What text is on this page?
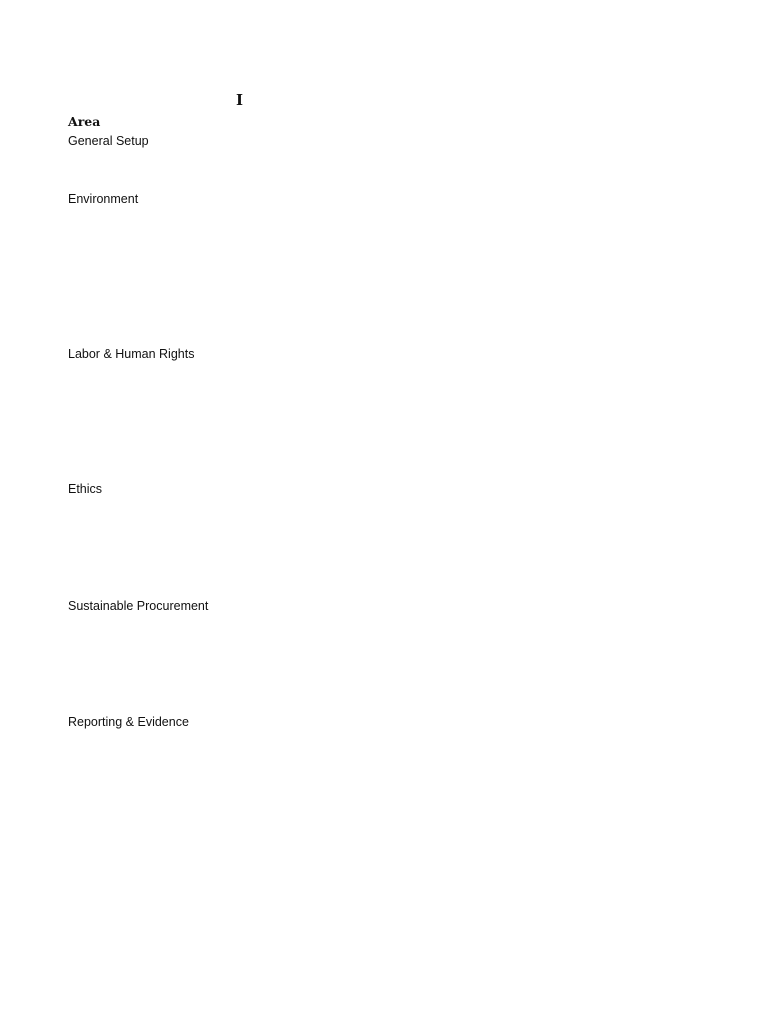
I
Area
General Setup
Environment
Labor & Human Rights
Ethics
Sustainable Procurement
Reporting & Evidence
